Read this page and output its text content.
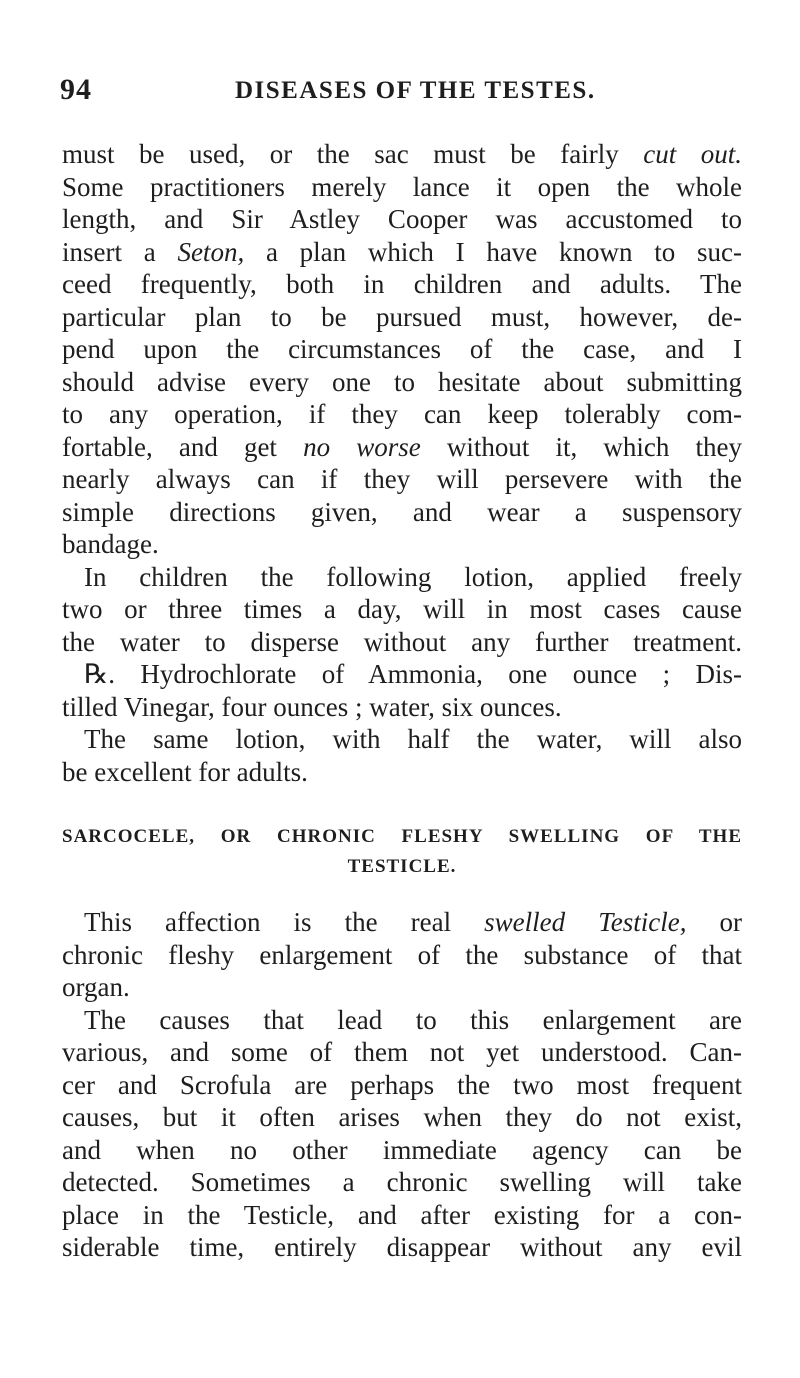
94	DISEASES OF THE TESTES.
must be used, or the sac must be fairly cut out.
Some practitioners merely lance it open the whole
length, and Sir Astley Cooper was accustomed to
insert a Seton, a plan which I have known to suc-
ceed frequently, both in children and adults. The
particular plan to be pursued must, however, de-
pend upon the circumstances of the case, and I
should advise every one to hesitate about submitting
to any operation, if they can keep tolerably com-
fortable, and get no worse without it, which they
nearly always can if they will persevere with the
simple directions given, and wear a suspensory
bandage.
In children the following lotion, applied freely
two or three times a day, will in most cases cause
the water to disperse without any further treatment.
℞. Hydrochlorate of Ammonia, one ounce ; Dis-
tilled Vinegar, four ounces ; water, six ounces.
The same lotion, with half the water, will also
be excellent for adults.
SARCOCELE, OR CHRONIC FLESHY SWELLING OF THE
TESTICLE.
This affection is the real swelled Testicle, or
chronic fleshy enlargement of the substance of that
organ.
The causes that lead to this enlargement are
various, and some of them not yet understood. Can-
cer and Scrofula are perhaps the two most frequent
causes, but it often arises when they do not exist,
and when no other immediate agency can be
detected. Sometimes a chronic swelling will take
place in the Testicle, and after existing for a con-
siderable time, entirely disappear without any evil
